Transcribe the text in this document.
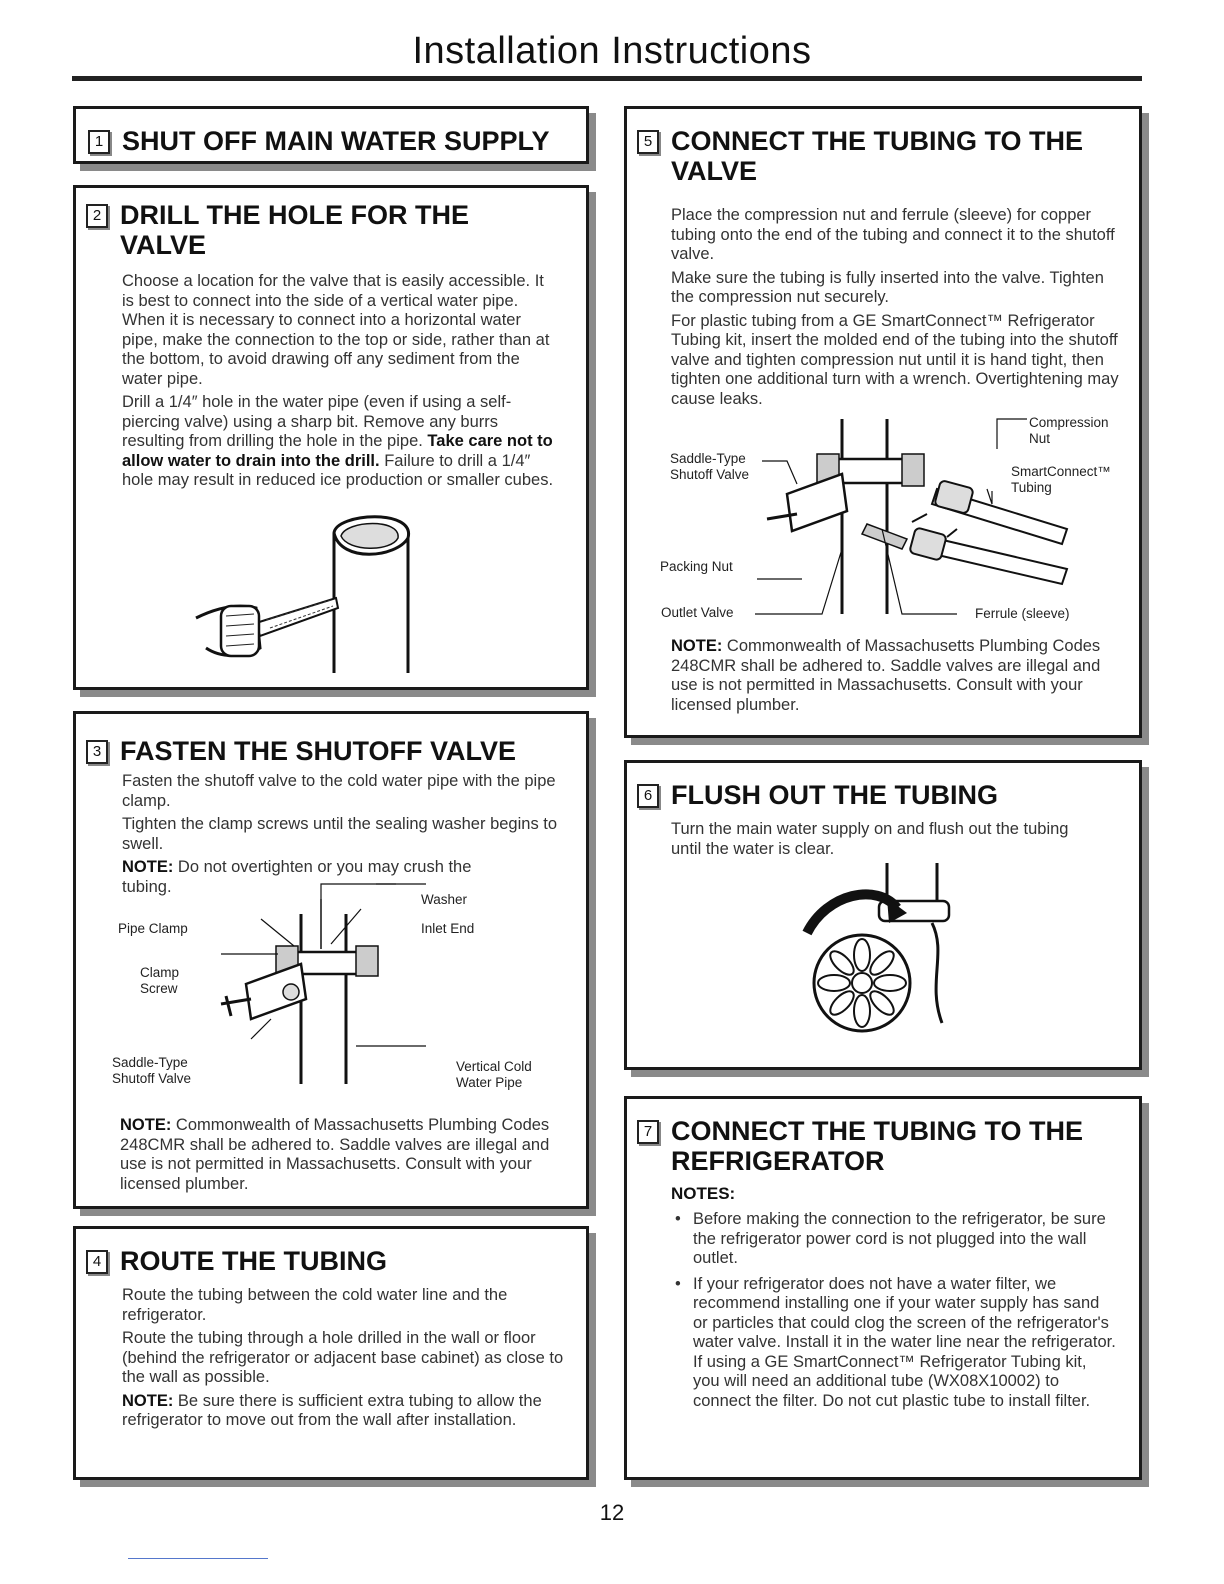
Installation Instructions
1 SHUT OFF MAIN WATER SUPPLY
2 DRILL THE HOLE FOR THE VALVE

Choose a location for the valve that is easily accessible. It is best to connect into the side of a vertical water pipe. When it is necessary to connect into a horizontal water pipe, make the connection to the top or side, rather than at the bottom, to avoid drawing off any sediment from the water pipe.

Drill a 1/4″ hole in the water pipe (even if using a self-piercing valve) using a sharp bit. Remove any burrs resulting from drilling the hole in the pipe. Take care not to allow water to drain into the drill. Failure to drill a 1/4″ hole may result in reduced ice production or smaller cubes.

3 FASTEN THE SHUTOFF VALVE

Fasten the shutoff valve to the cold water pipe with the pipe clamp.

Tighten the clamp screws until the sealing washer begins to swell.

NOTE: Do not overtighten or you may crush the tubing.

Washer
Pipe Clamp	Inlet End
Clamp
Screw
Saddle-Type
Shutoff Valve
Vertical Cold
Water Pipe

NOTE: Commonwealth of Massachusetts Plumbing Codes 248CMR shall be adhered to. Saddle valves are illegal and use is not permitted in Massachusetts. Consult with your licensed plumber.

4 ROUTE THE TUBING

Route the tubing between the cold water line and the refrigerator.

Route the tubing through a hole drilled in the wall or floor (behind the refrigerator or adjacent base cabinet) as close to the wall as possible.

NOTE: Be sure there is sufficient extra tubing to allow the refrigerator to move out from the wall after installation.

5 CONNECT THE TUBING TO THE VALVE

Place the compression nut and ferrule (sleeve) for copper tubing onto the end of the tubing and connect it to the shutoff valve.

Make sure the tubing is fully inserted into the valve. Tighten the compression nut securely.

For plastic tubing from a GE SmartConnect™ Refrigerator Tubing kit, insert the molded end of the tubing into the shutoff valve and tighten compression nut until it is hand tight, then tighten one additional turn with a wrench. Overtightening may cause leaks.

Compression
Nut
Saddle-Type
Shutoff Valve	SmartConnect™
Tubing
Packing Nut
Outlet Valve	Ferrule (sleeve)

NOTE: Commonwealth of Massachusetts Plumbing Codes 248CMR shall be adhered to. Saddle valves are illegal and use is not permitted in Massachusetts. Consult with your licensed plumber.

6 FLUSH OUT THE TUBING

Turn the main water supply on and flush out the tubing until the water is clear.

7 CONNECT THE TUBING TO THE
REFRIGERATOR
NOTES:
• Before making the connection to the refrigerator, be sure the refrigerator power cord is not plugged into the wall outlet.
• If your refrigerator does not have a water filter, we recommend installing one if your water supply has sand or particles that could clog the screen of the refrigerator's water valve. Install it in the water line near the refrigerator. If using a GE SmartConnect™ Refrigerator Tubing kit, you will need an additional tube (WX08X10002) to connect the filter. Do not cut plastic tube to install filter.
12
